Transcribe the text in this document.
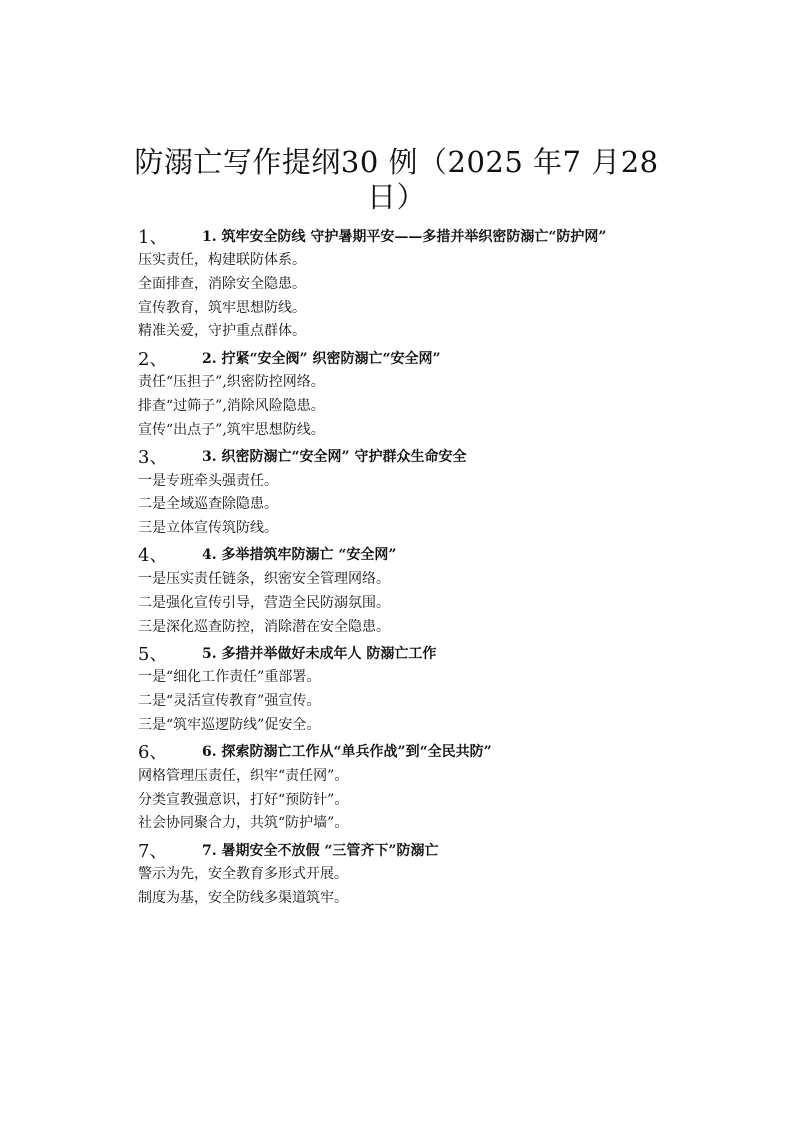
防溺亡写作提纲30 例（2025 年7 月28 日）
1、	1. 筑牢安全防线 守护暑期平安——多措并举织密防溺亡“防护网”
压实责任，构建联防体系。
全面排查，消除安全隐患。
宣传教育，筑牢思想防线。
精准关爱，守护重点群体。
2、	2. 拧紧“安全阀” 织密防溺亡“安全网”
责任“压担子”,织密防控网络。
排查“过筛子”,消除风险隐患。
宣传“出点子”,筑牢思想防线。
3、	3. 织密防溺亡“安全网” 守护群众生命安全
一是专班牵头强责任。
二是全域巡查除隐患。
三是立体宣传筑防线。
4、	4. 多举措筑牢防溺亡 “安全网”
一是压实责任链条，织密安全管理网络。
二是强化宣传引导，营造全民防溺氛围。
三是深化巡查防控，消除潜在安全隐患。
5、	5. 多措并举做好未成年人 防溺亡工作
一是“细化工作责任”重部署。
二是“灵活宣传教育”强宣传。
三是“筑牢巡逻防线”促安全。
6、	6. 探索防溺亡工作从“单兵作战”到“全民共防”
网格管理压责任，织牢“责任网”。
分类宣教强意识，打好“预防针”。
社会协同聚合力，共筑“防护墙”。
7、	7. 暑期安全不放假 “三管齐下”防溺亡
警示为先，安全教育多形式开展。
制度为基，安全防线多渠道筑牢。
